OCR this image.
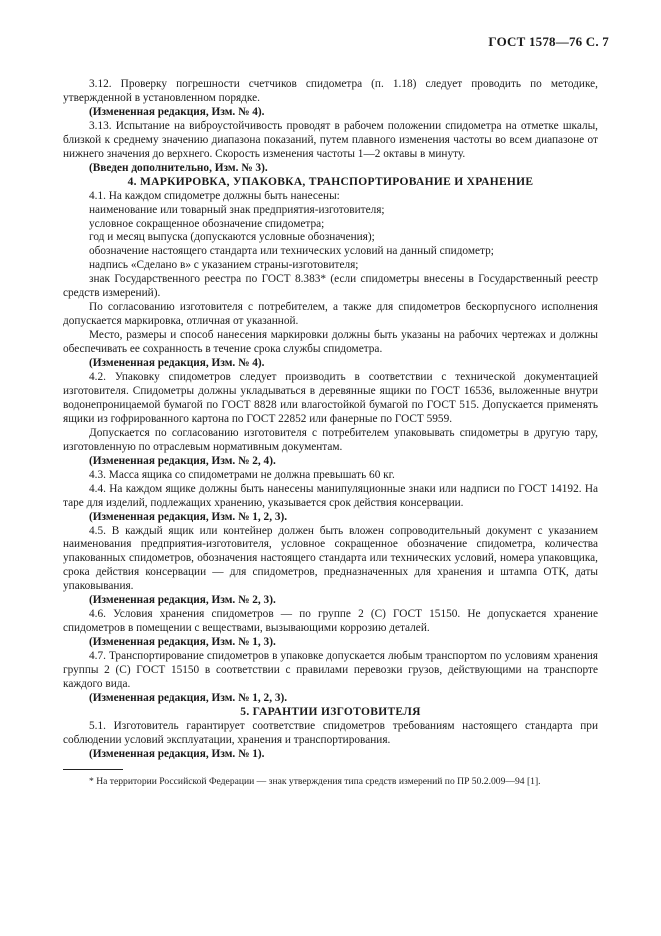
ГОСТ 1578—76 С. 7

3.12. Проверку погрешности счетчиков спидометра (п. 1.18) следует проводить по методике, утвержденной в установленном порядке.

(Измененная редакция, Изм. № 4).

3.13. Испытание на виброустойчивость проводят в рабочем положении спидометра на отметке шкалы, близкой к среднему значению диапазона показаний, путем плавного изменения частоты во всем диапазоне от нижнего значения до верхнего. Скорость изменения частоты 1—2 октавы в минуту.

(Введен дополнительно, Изм. № 3).

4. МАРКИРОВКА, УПАКОВКА, ТРАНСПОРТИРОВАНИЕ И ХРАНЕНИЕ

4.1. На каждом спидометре должны быть нанесены:

наименование или товарный знак предприятия-изготовителя;

условное сокращенное обозначение спидометра;

год и месяц выпуска (допускаются условные обозначения);

обозначение настоящего стандарта или технических условий на данный спидометр;

надпись «Сделано в» с указанием страны-изготовителя;

знак Государственного реестра по ГОСТ 8.383* (если спидометры внесены в Государственный реестр средств измерений).

По согласованию изготовителя с потребителем, а также для спидометров бескорпусного исполнения допускается маркировка, отличная от указанной.

Место, размеры и способ нанесения маркировки должны быть указаны на рабочих чертежах и должны обеспечивать ее сохранность в течение срока службы спидометра.

(Измененная редакция, Изм. № 4).

4.2. Упаковку спидометров следует производить в соответствии с технической документацией изготовителя. Спидометры должны укладываться в деревянные ящики по ГОСТ 16536, выложенные внутри водонепроницаемой бумагой по ГОСТ 8828 или влагостойкой бумагой по ГОСТ 515. Допускается применять ящики из гофрированного картона по ГОСТ 22852 или фанерные по ГОСТ 5959.

Допускается по согласованию изготовителя с потребителем упаковывать спидометры в другую тару, изготовленную по отраслевым нормативным документам.

(Измененная редакция, Изм. № 2, 4).

4.3. Масса ящика со спидометрами не должна превышать 60 кг.

4.4. На каждом ящике должны быть нанесены манипуляционные знаки или надписи по ГОСТ 14192. На таре для изделий, подлежащих хранению, указывается срок действия консервации.

(Измененная редакция, Изм. № 1, 2, 3).

4.5. В каждый ящик или контейнер должен быть вложен сопроводительный документ с указанием наименования предприятия-изготовителя, условное сокращенное обозначение спидометра, количества упакованных спидометров, обозначения настоящего стандарта или технических условий, номера упаковщика, срока действия консервации — для спидометров, предназначенных для хранения и штампа ОТК, даты упаковывания.

(Измененная редакция, Изм. № 2, 3).

4.6. Условия хранения спидометров — по группе 2 (С) ГОСТ 15150. Не допускается хранение спидометров в помещении с веществами, вызывающими коррозию деталей.

(Измененная редакция, Изм. № 1, 3).

4.7. Транспортирование спидометров в упаковке допускается любым транспортом по условиям хранения группы 2 (С) ГОСТ 15150 в соответствии с правилами перевозки грузов, действующими на транспорте каждого вида.

(Измененная редакция, Изм. № 1, 2, 3).

5. ГАРАНТИИ ИЗГОТОВИТЕЛЯ

5.1. Изготовитель гарантирует соответствие спидометров требованиям настоящего стандарта при соблюдении условий эксплуатации, хранения и транспортирования.

(Измененная редакция, Изм. № 1).

* На территории Российской Федерации — знак утверждения типа средств измерений по ПР 50.2.009—94 [1].
